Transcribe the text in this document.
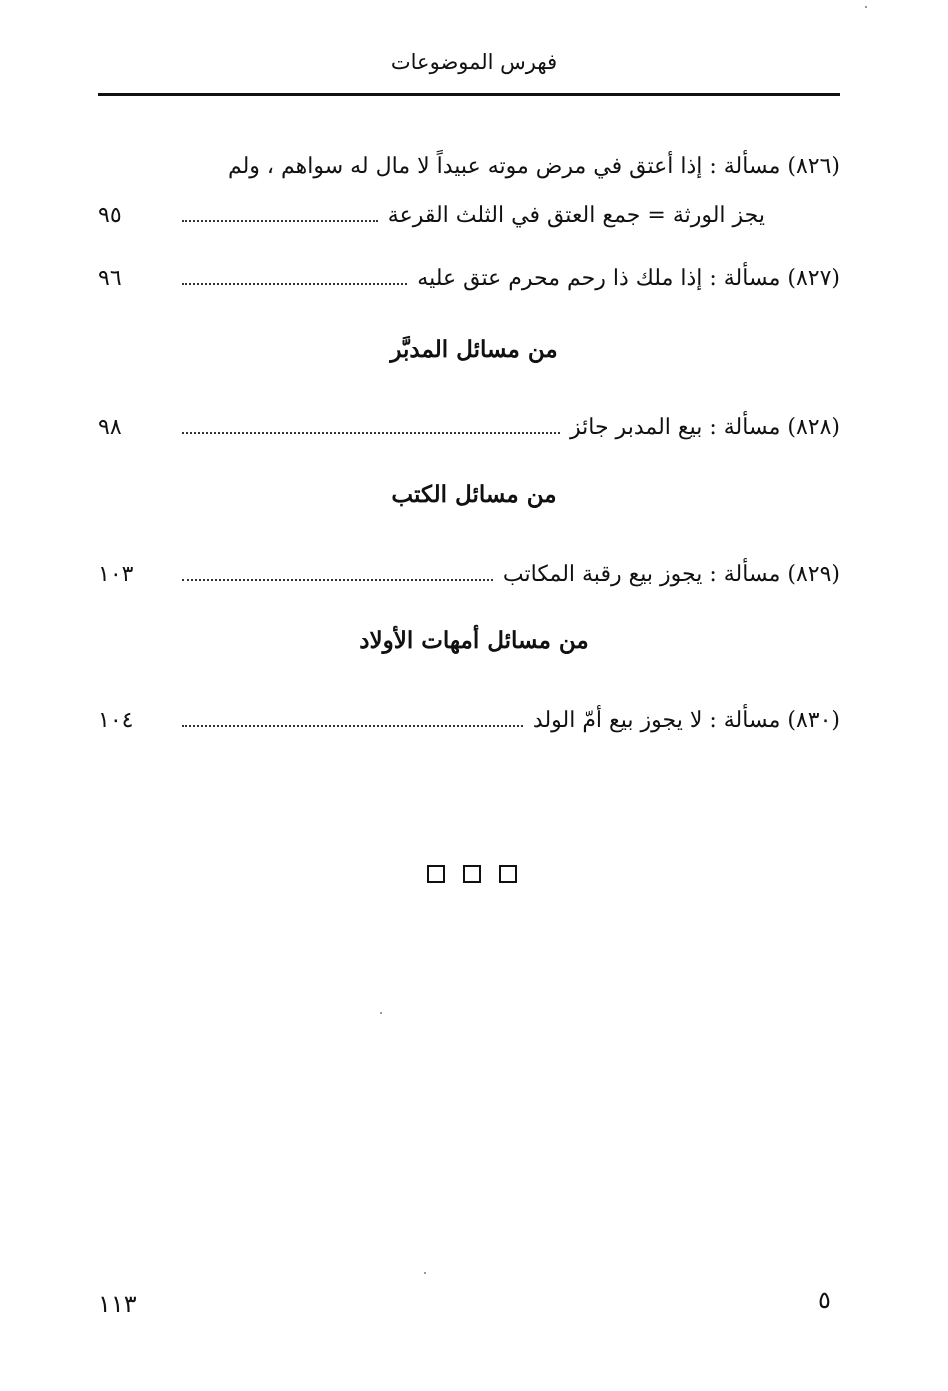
فهرس الموضوعات
(٨٢٦) مسألة : إذا أعتق في مرض موته عبيداً لا مال له سواهم ، ولم
يجز الورثة = جمع العتق في الثلث القرعة
٩٥
(٨٢٧) مسألة : إذا ملك ذا رحم محرم عتق عليه
٩٦
من مسائل المدبَّر
(٨٢٨) مسألة : بيع المدبر جائز
٩٨
من مسائل الكتب
(٨٢٩) مسألة : يجوز بيع رقبة المكاتب
١٠٣
من مسائل أمهات الأولاد
(٨٣٠) مسألة : لا يجوز بيع أمّ الولد
١٠٤
١١٣	٥
